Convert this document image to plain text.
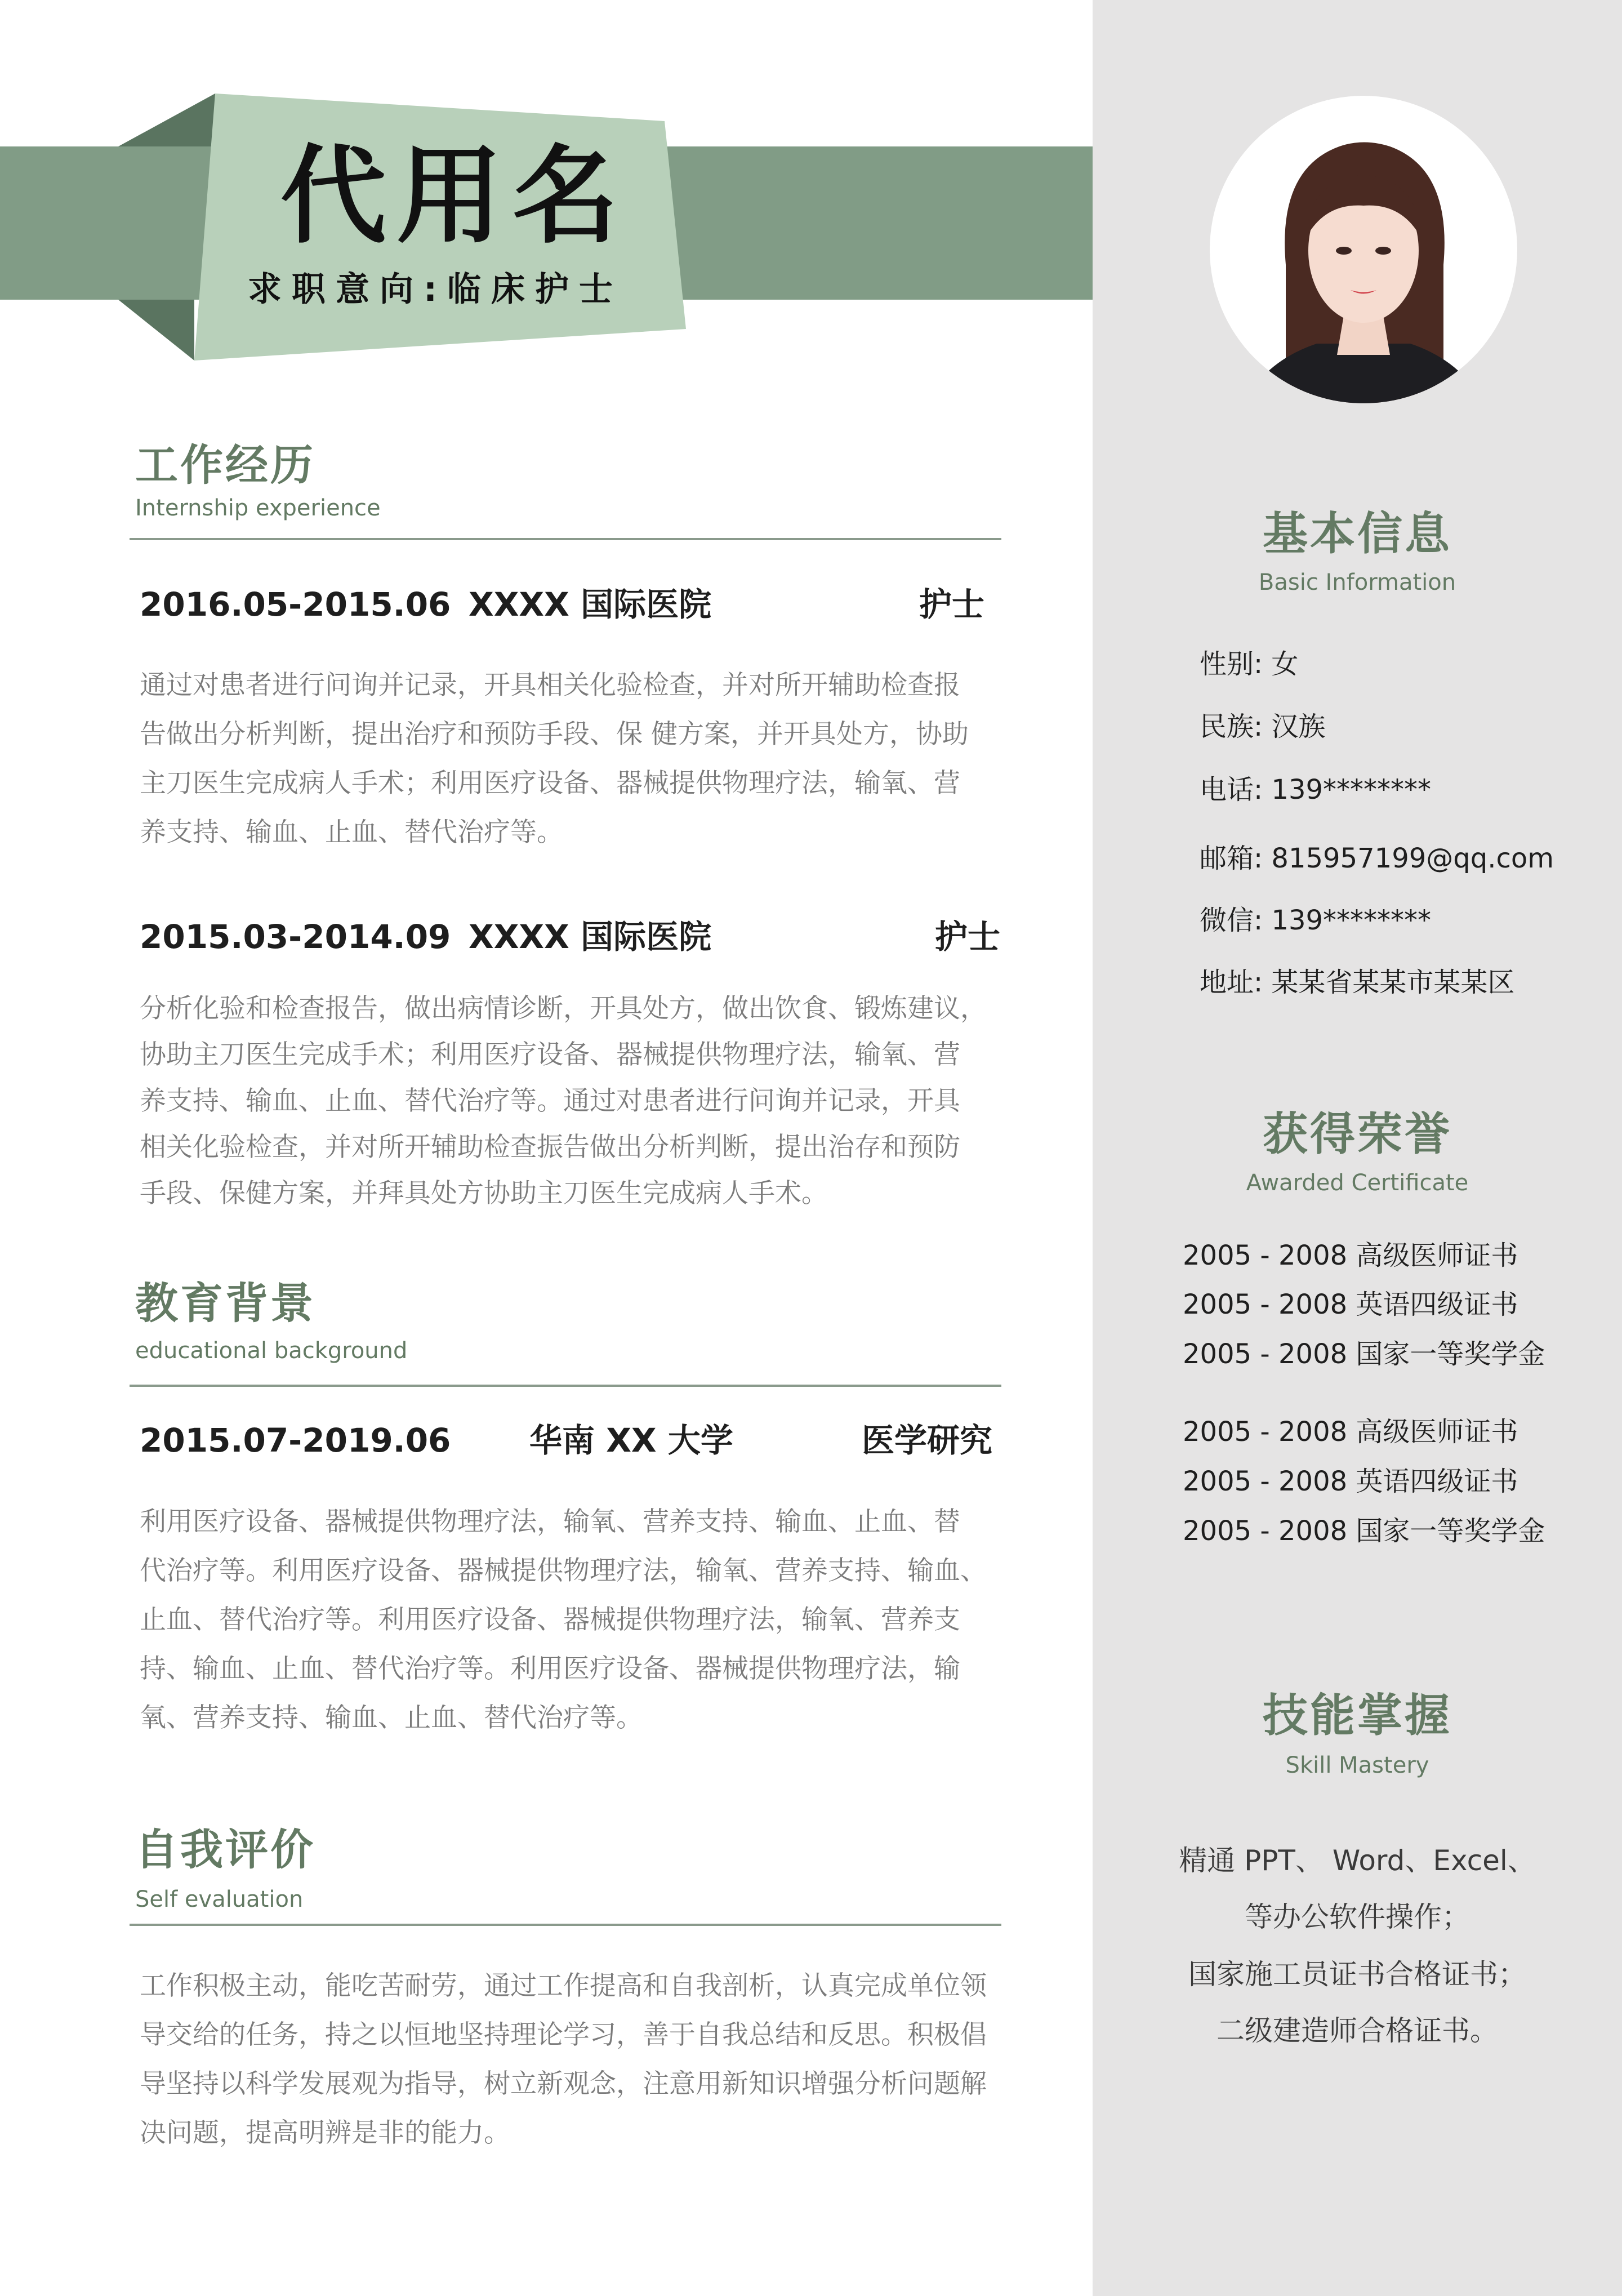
代用名
求职意向:临床护士
工作经历
Internship experience
2016.05-2015.06 XXXX 国际医院	护士
通过对患者进行问询并记录，开具相关化验检查，并对所开辅助检查报
告做出分析判断，提出治疗和预防手段、保 健方案，并开具处方，协助
主刀医生完成病人手术；利用医疗设备、器械提供物理疗法，输氧、营
养支持、输血、止血、替代治疗等。
2015.03-2014.09 XXXX 国际医院	护士
分析化验和检查报告，做出病情诊断，开具处方，做出饮食、锻炼建议，
协助主刀医生完成手术；利用医疗设备、器械提供物理疗法，输氧、营
养支持、输血、止血、替代治疗等。通过对患者进行问询并记录，开具
相关化验检查，并对所开辅助检查振告做出分析判断，提出治存和预防
手段、保健方案，并拜具处方协助主刀医生完成病人手术。
教育背景
educational background
2015.07-2019.06 华南 XX 大学	医学研究
利用医疗设备、器械提供物理疗法，输氧、营养支持、输血、止血、替
代治疗等。利用医疗设备、器械提供物理疗法，输氧、营养支持、输血、
止血、替代治疗等。利用医疗设备、器械提供物理疗法，输氧、营养支
持、输血、止血、替代治疗等。利用医疗设备、器械提供物理疗法，输
氧、营养支持、输血、止血、替代治疗等。
自我评价
Self evaluation
工作积极主动，能吃苦耐劳，通过工作提高和自我剖析，认真完成单位领
导交给的任务，持之以恒地坚持理论学习，善于自我总结和反思。积极倡
导坚持以科学发展观为指导，树立新观念，注意用新知识增强分析问题解
决问题，提高明辨是非的能力。
基本信息
Basic Information
性别: 女
民族: 汉族
电话: 139********
邮箱: 815957199@qq.com
微信: 139********
地址: 某某省某某市某某区
获得荣誉
Awarded Certificate
2005 - 2008 高级医师证书
2005 - 2008 英语四级证书
2005 - 2008 国家一等奖学金
2005 - 2008 高级医师证书
2005 - 2008 英语四级证书
2005 - 2008 国家一等奖学金
技能掌握
Skill Mastery
精通 PPT、 Word、Excel、
等办公软件操作；
国家施工员证书合格证书；
二级建造师合格证书。
